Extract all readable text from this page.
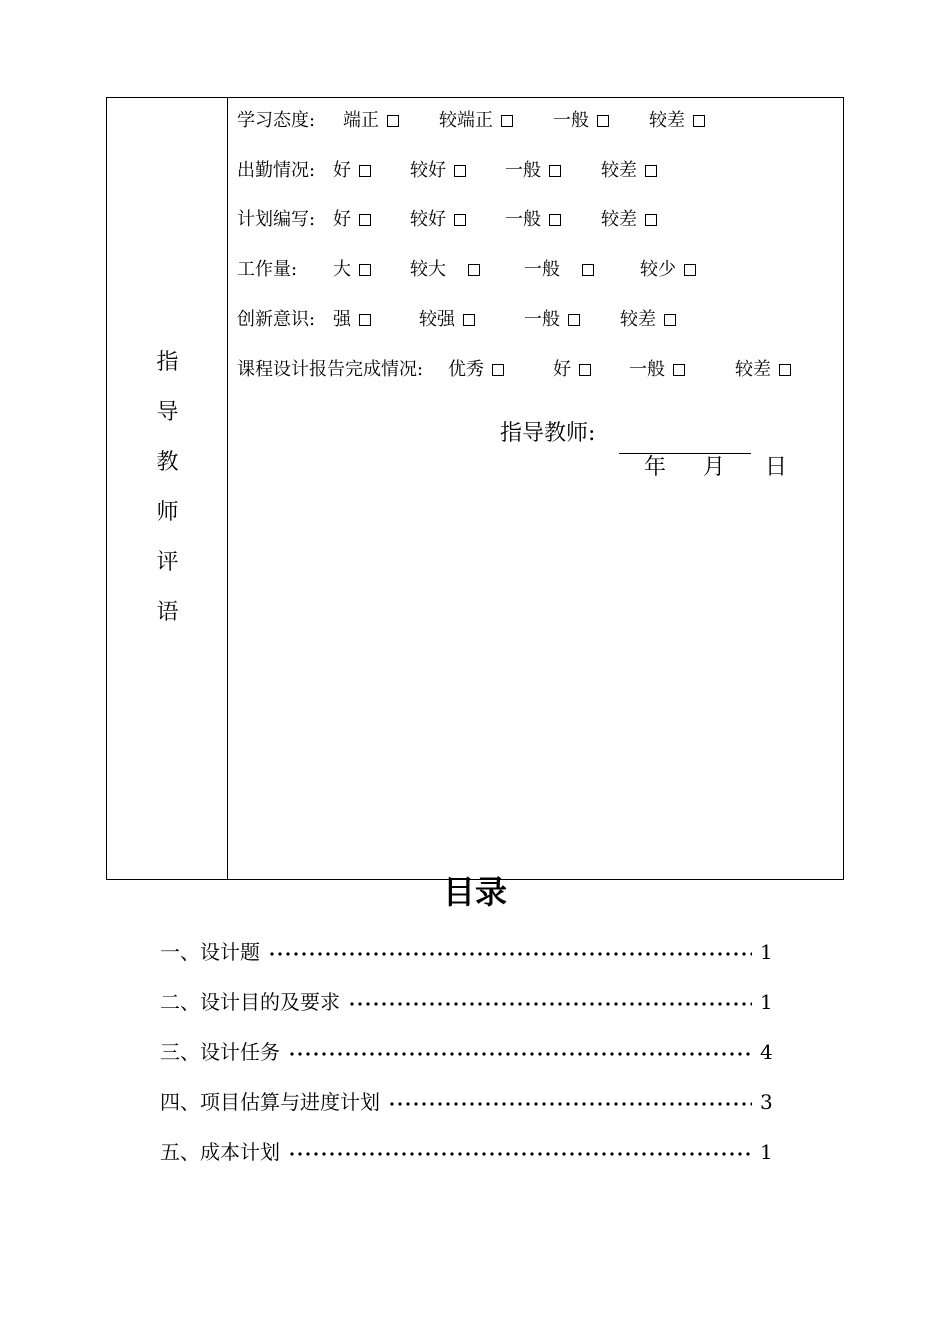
指
导
教
师
评
语
学习态度: 端正	较端正	一般	较差
出勤情况: 好	较好	一般	较差
计划编写: 好	较好	一般	较差
工作量: 大	较大	一般	较少
创新意识: 强	较强	一般	较差
课程设计报告完成情况: 优秀	好	一般	较差
指导教师:
年 月 日
目录
一、设计题	1
二、设计目的及要求	1
三、设计任务	4
四、项目估算与进度计划	3
五、成本计划	1
